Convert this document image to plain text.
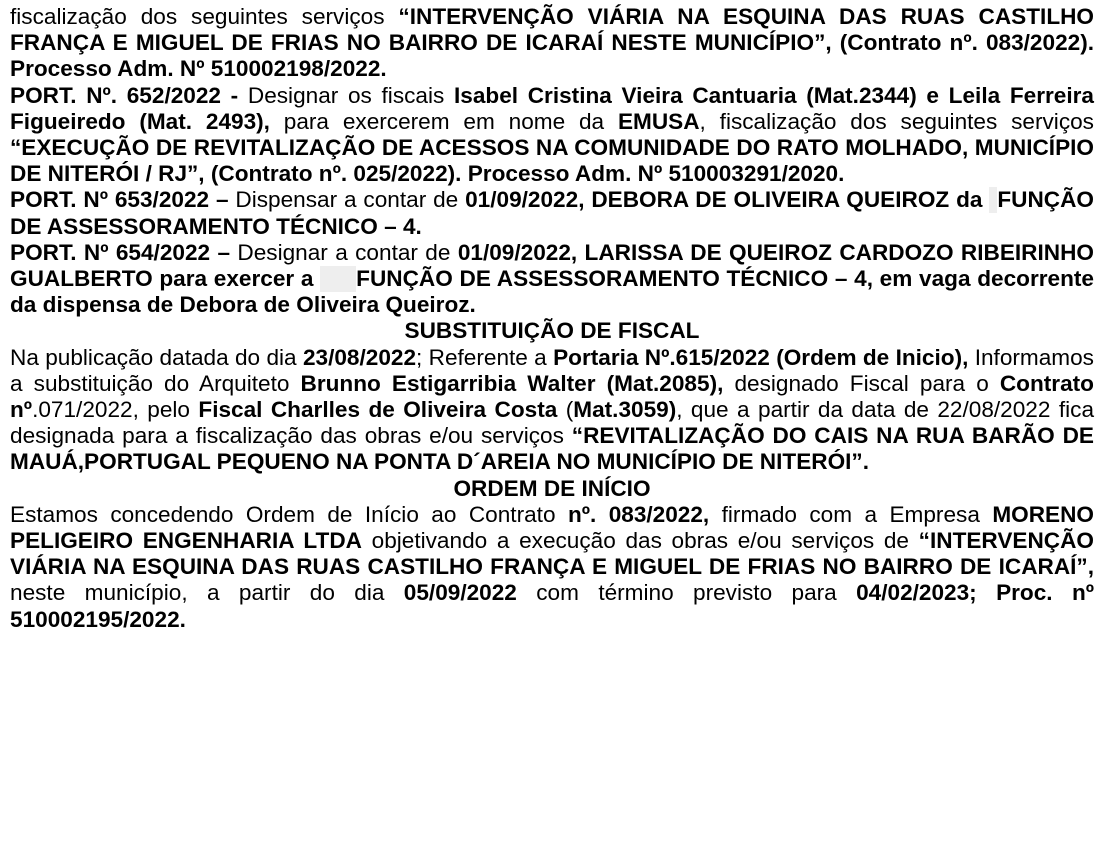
fiscalização dos seguintes serviços “INTERVENÇÃO VIÁRIA NA ESQUINA DAS RUAS CASTILHO FRANÇA E MIGUEL DE FRIAS NO BAIRRO DE ICARAÍ NESTE MUNICÍPIO”, (Contrato nº. 083/2022). Processo Adm. Nº 510002198/2022.

PORT. Nº. 652/2022 - Designar os fiscais Isabel Cristina Vieira Cantuaria (Mat.2344) e Leila Ferreira Figueiredo (Mat. 2493), para exercerem em nome da EMUSA, fiscalização dos seguintes serviços “EXECUÇÃO DE REVITALIZAÇÃO DE ACESSOS NA COMUNIDADE DO RATO MOLHADO, MUNICÍPIO DE NITERÓI / RJ”, (Contrato nº. 025/2022). Processo Adm. Nº 510003291/2020.

PORT. Nº 653/2022 – Dispensar a contar de 01/09/2022, DEBORA DE OLIVEIRA QUEIROZ da FUNÇÃO DE ASSESSORAMENTO TÉCNICO – 4.

PORT. Nº 654/2022 – Designar a contar de 01/09/2022, LARISSA DE QUEIROZ CARDOZO RIBEIRINHO GUALBERTO para exercer a FUNÇÃO DE ASSESSORAMENTO TÉCNICO – 4, em vaga decorrente da dispensa de Debora de Oliveira Queiroz.

SUBSTITUIÇÃO DE FISCAL

Na publicação datada do dia 23/08/2022; Referente a Portaria Nº.615/2022 (Ordem de Inicio), Informamos a substituição do Arquiteto Brunno Estigarribia Walter (Mat.2085), designado Fiscal para o Contrato nº.071/2022, pelo Fiscal Charlles de Oliveira Costa (Mat.3059), que a partir da data de 22/08/2022 fica designada para a fiscalização das obras e/ou serviços “REVITALIZAÇÃO DO CAIS NA RUA BARÃO DE MAUÁ,PORTUGAL PEQUENO NA PONTA D´AREIA NO MUNICÍPIO DE NITERÓI”.

ORDEM DE INÍCIO

Estamos concedendo Ordem de Início ao Contrato nº. 083/2022, firmado com a Empresa MORENO PELIGEIRO ENGENHARIA LTDA objetivando a execução das obras e/ou serviços de “INTERVENÇÃO VIÁRIA NA ESQUINA DAS RUAS CASTILHO FRANÇA E MIGUEL DE FRIAS NO BAIRRO DE ICARAÍ”, neste município, a partir do dia 05/09/2022 com término previsto para 04/02/2023; Proc. nº 510002195/2022.
